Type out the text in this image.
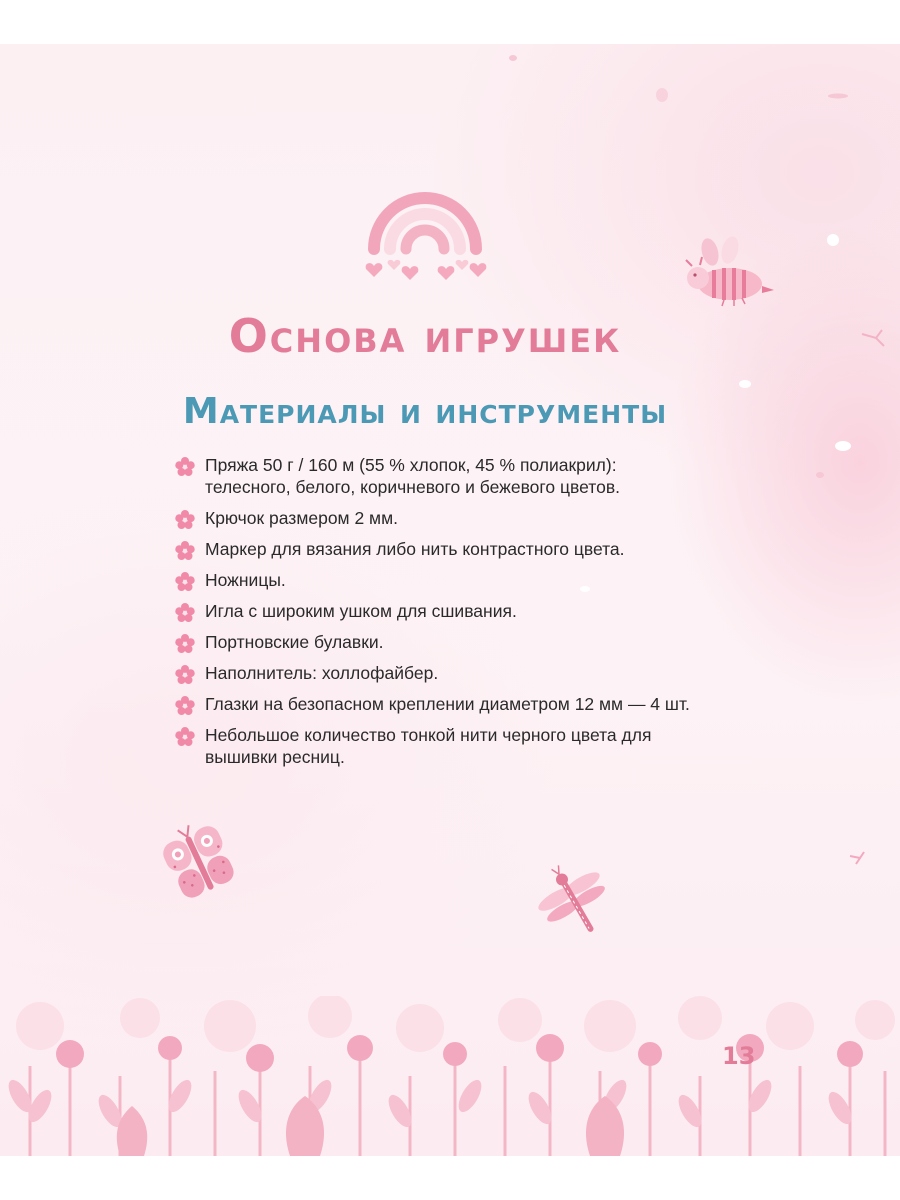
Основа игрушек
Материалы и инструменты
Пряжа 50 г / 160 м (55 % хлопок, 45 % полиакрил): телесного, белого, коричневого и бежевого цветов.
Крючок размером 2 мм.
Маркер для вязания либо нить контрастного цвета.
Ножницы.
Игла с широким ушком для сшивания.
Портновские булавки.
Наполнитель: холлофайбер.
Глазки на безопасном креплении диаметром 12 мм — 4 шт.
Небольшое количество тонкой нити черного цвета для вышивки ресниц.
13
